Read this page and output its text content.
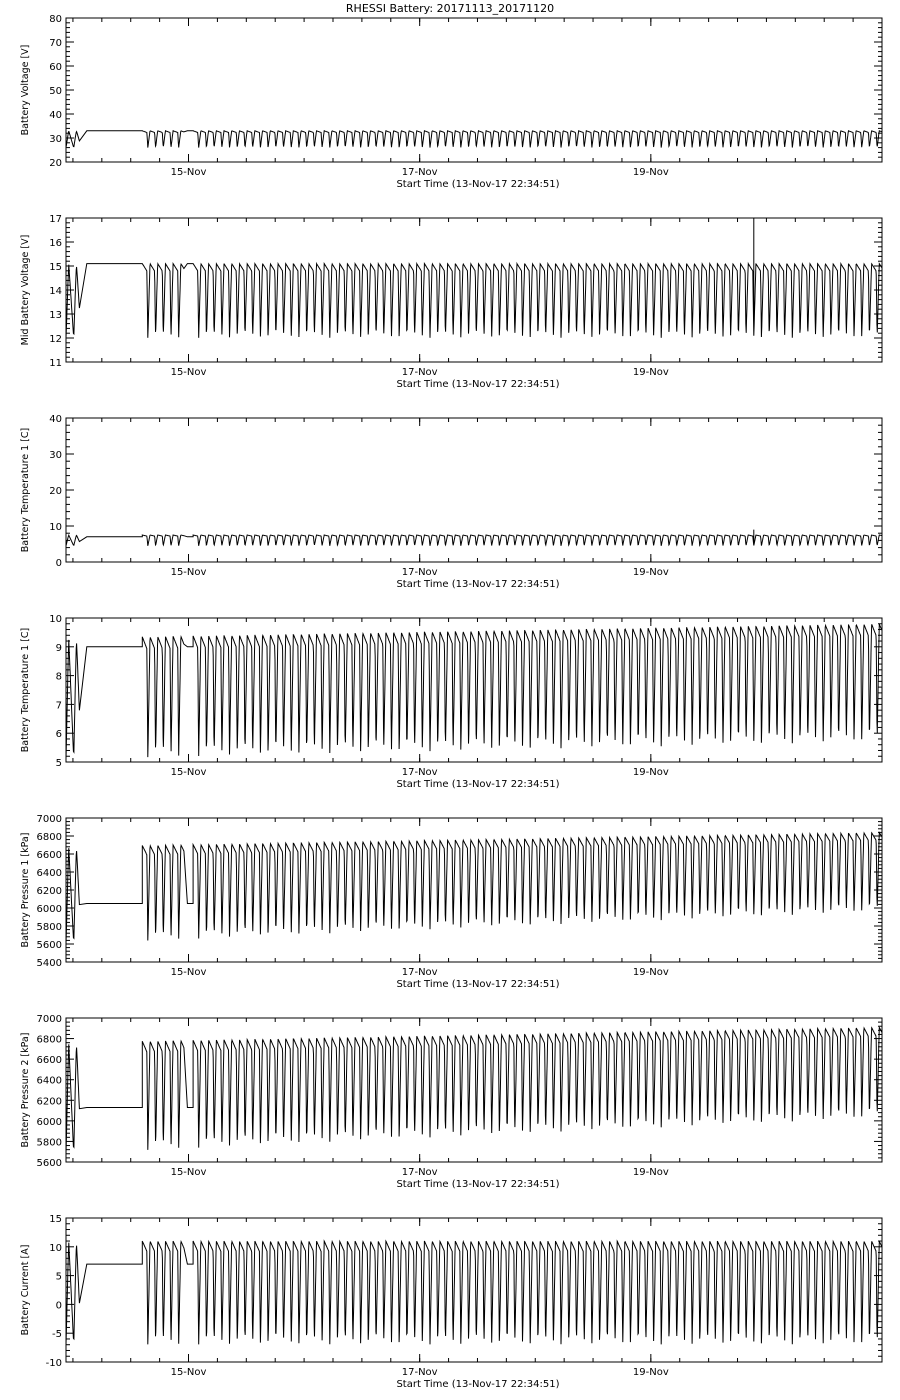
RHESSI Battery: 20171113_20171120
20
30
40
50
60
70
80
15-Nov	17-Nov	19-Nov
Start Time (13-Nov-17 22:34:51)
Battery Voltage [V]
11
12
13
14
15
16
17
15-Nov	17-Nov	19-Nov
Start Time (13-Nov-17 22:34:51)
Mid Battery Voltage [V]
0
10
20
30
40
15-Nov	17-Nov	19-Nov
Start Time (13-Nov-17 22:34:51)
Battery Temperature 1 [C]
5
6
7
8
9
10
15-Nov	17-Nov	19-Nov
Start Time (13-Nov-17 22:34:51)
Battery Temperature 1 [C]
5400
5600
5800
6000
6200
6400
6600
6800
7000
15-Nov	17-Nov	19-Nov
Start Time (13-Nov-17 22:34:51)
Battery Pressure 1 [kPa]
5600
5800
6000
6200
6400
6600
6800
7000
15-Nov	17-Nov	19-Nov
Start Time (13-Nov-17 22:34:51)
Battery Pressure 2 [kPa]
-10
-5
0
5
10
15
15-Nov	17-Nov	19-Nov
Start Time (13-Nov-17 22:34:51)
Battery Current [A]
